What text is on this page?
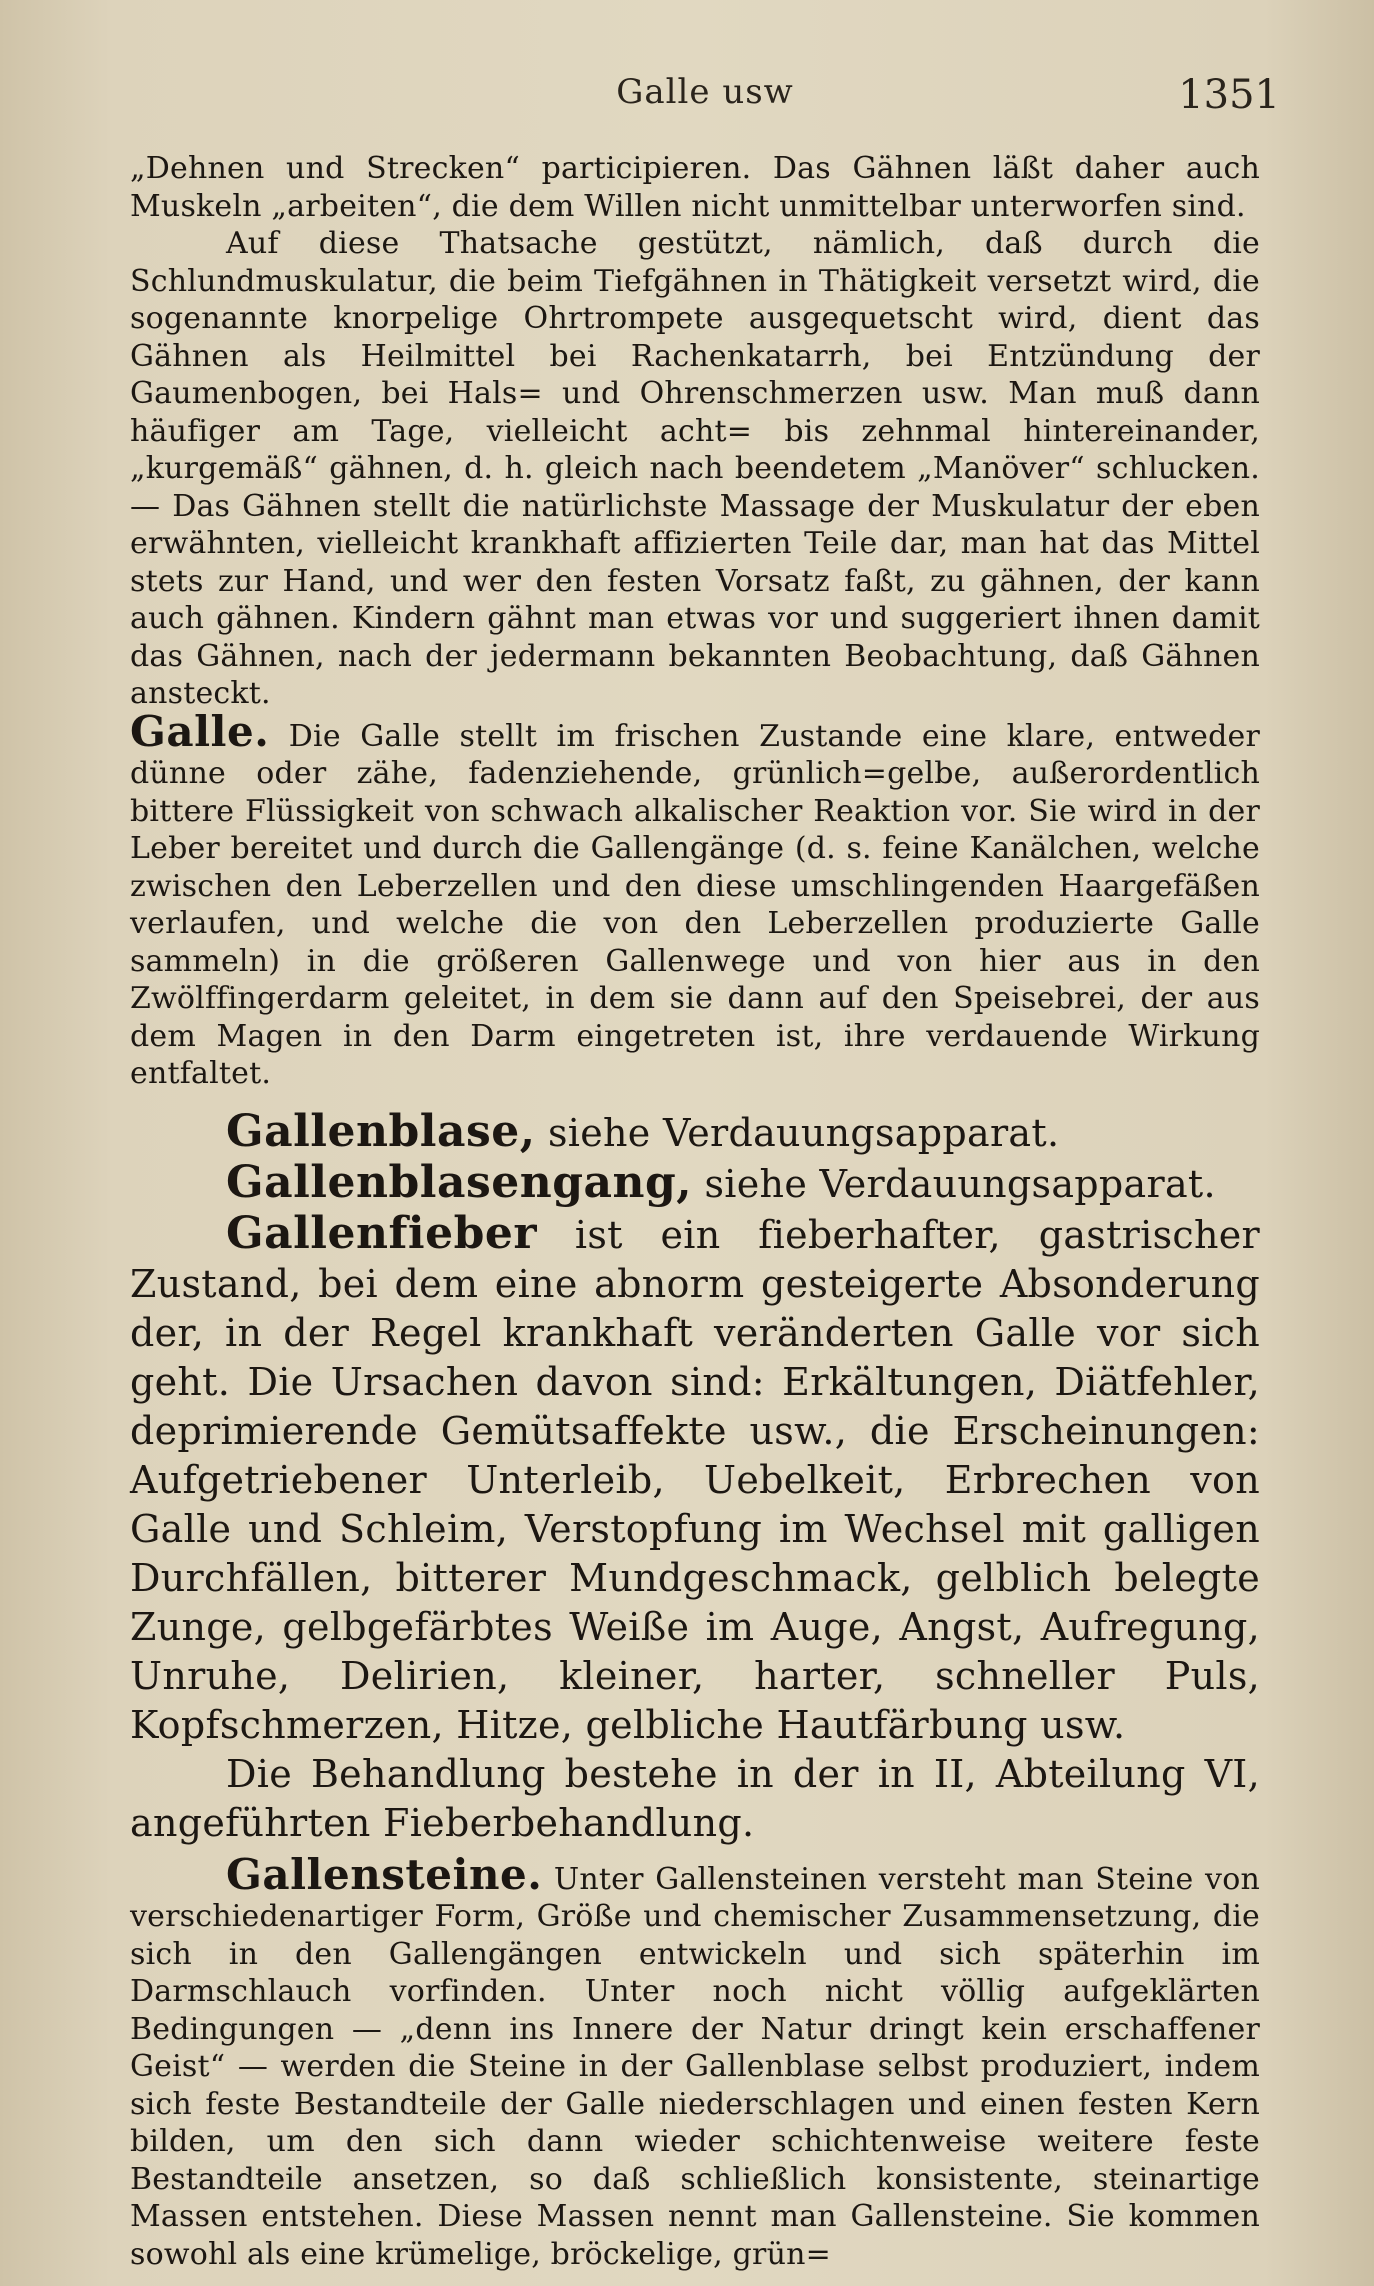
Galle usw	1351

„Dehnen und Strecken“ participieren. Das Gähnen läßt daher auch Muskeln „arbeiten“, die dem Willen nicht unmittelbar unterworfen sind.

Auf diese Thatsache gestützt, nämlich, daß durch die Schlundmuskulatur, die beim Tiefgähnen in Thätigkeit versetzt wird, die sogenannte knorpelige Ohrtrompete ausgequetscht wird, dient das Gähnen als Heilmittel bei Rachenkatarrh, bei Entzündung der Gaumenbogen, bei Hals= und Ohrenschmerzen usw. Man muß dann häufiger am Tage, vielleicht acht= bis zehnmal hintereinander, „kurgemäß“ gähnen, d. h. gleich nach beendetem „Manöver“ schlucken. — Das Gähnen stellt die natürlichste Massage der Muskulatur der eben erwähnten, vielleicht krankhaft affizierten Teile dar, man hat das Mittel stets zur Hand, und wer den festen Vorsatz faßt, zu gähnen, der kann auch gähnen. Kindern gähnt man etwas vor und suggeriert ihnen damit das Gähnen, nach der jedermann bekannten Beobachtung, daß Gähnen ansteckt.

Galle. Die Galle stellt im frischen Zustande eine klare, entweder dünne oder zähe, fadenziehende, grünlich=gelbe, außerordentlich bittere Flüssigkeit von schwach alkalischer Reaktion vor. Sie wird in der Leber bereitet und durch die Gallengänge (d. s. feine Kanälchen, welche zwischen den Leberzellen und den diese umschlingenden Haargefäßen verlaufen, und welche die von den Leberzellen produzierte Galle sammeln) in die größeren Gallenwege und von hier aus in den Zwölffingerdarm geleitet, in dem sie dann auf den Speisebrei, der aus dem Magen in den Darm eingetreten ist, ihre verdauende Wirkung entfaltet.

Gallenblase, siehe Verdauungsapparat.

Gallenblasengang, siehe Verdauungsapparat.

Gallenfieber ist ein fieberhafter, gastrischer Zustand, bei dem eine abnorm gesteigerte Absonderung der, in der Regel krankhaft veränderten Galle vor sich geht. Die Ursachen davon sind: Erkältungen, Diätfehler, deprimierende Gemütsaffekte usw., die Erscheinungen: Aufgetriebener Unterleib, Uebelkeit, Erbrechen von Galle und Schleim, Verstopfung im Wechsel mit galligen Durchfällen, bitterer Mundgeschmack, gelblich belegte Zunge, gelbgefärbtes Weiße im Auge, Angst, Aufregung, Unruhe, Delirien, kleiner, harter, schneller Puls, Kopfschmerzen, Hitze, gelbliche Hautfärbung usw.

Die Behandlung bestehe in der in II, Abteilung VI, angeführten Fieberbehandlung.

Gallensteine. Unter Gallensteinen versteht man Steine von verschiedenartiger Form, Größe und chemischer Zusammensetzung, die sich in den Gallengängen entwickeln und sich späterhin im Darmschlauch vorfinden. Unter noch nicht völlig aufgeklärten Bedingungen — „denn ins Innere der Natur dringt kein erschaffener Geist“ — werden die Steine in der Gallenblase selbst produziert, indem sich feste Bestandteile der Galle niederschlagen und einen festen Kern bilden, um den sich dann wieder schichtenweise weitere feste Bestandteile ansetzen, so daß schließlich konsistente, steinartige Massen entstehen. Diese Massen nennt man Gallensteine. Sie kommen sowohl als eine krümelige, bröckelige, grün=
